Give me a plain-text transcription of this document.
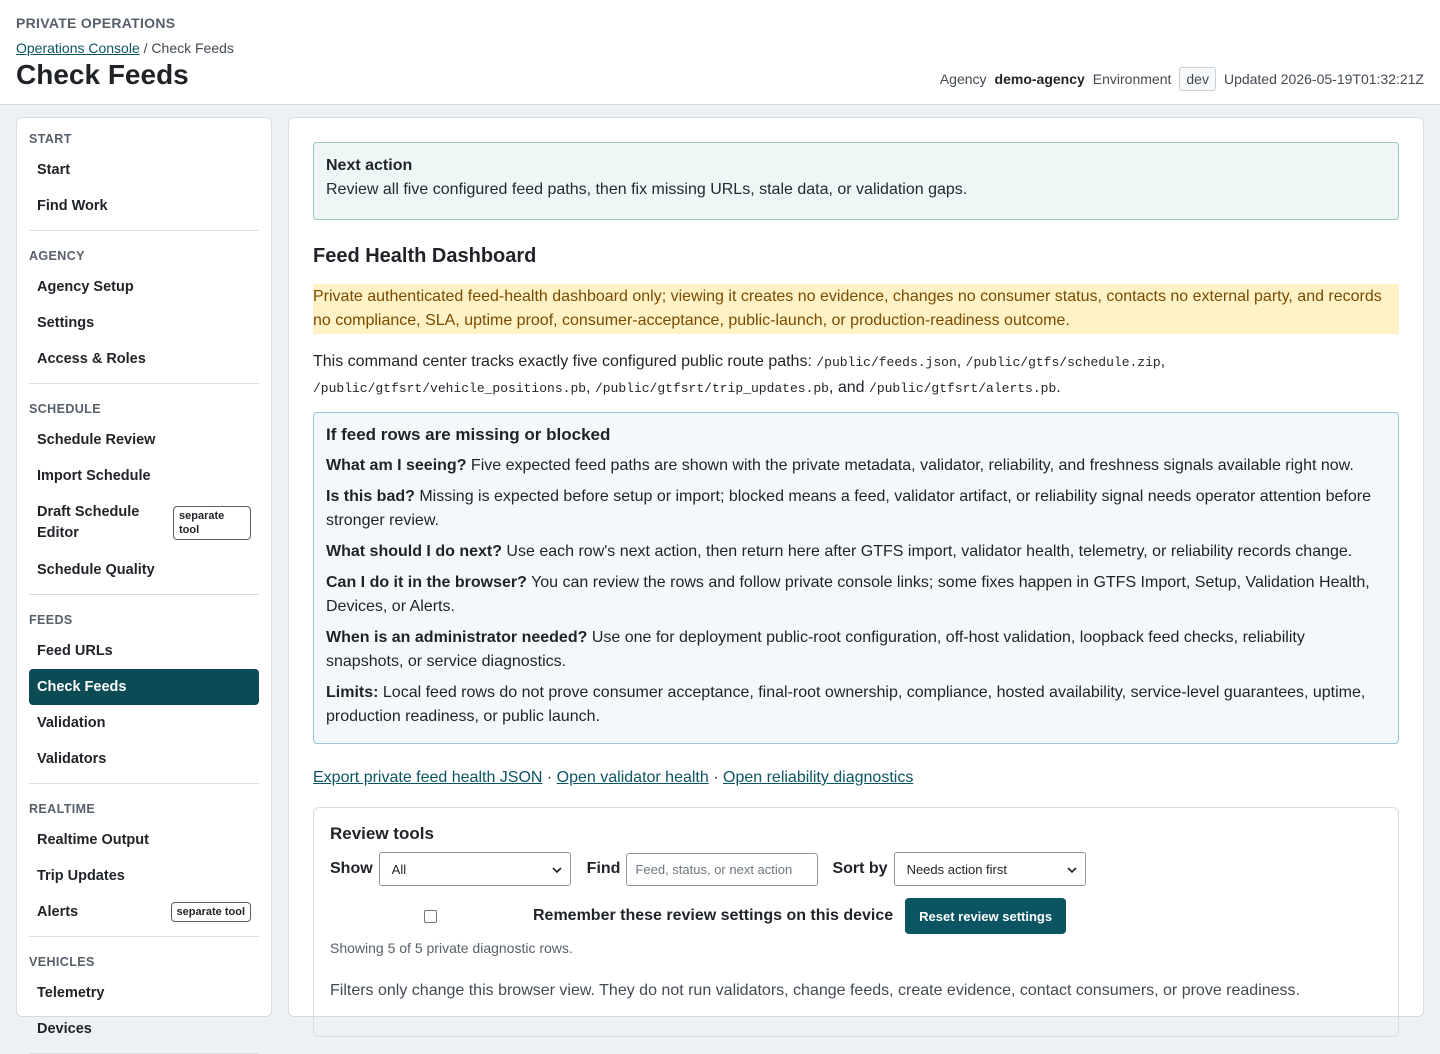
PRIVATE OPERATIONS
Operations Console / Check Feeds
Check Feeds	Agency demo-agency Environment	dev	Updated 2026-05-19T01:32:21Z
START
Start
Find Work
AGENCY
Agency Setup
Settings
Access & Roles
SCHEDULE
Schedule Review
Import Schedule
Draft Schedule Editor
separate tool
Schedule Quality
FEEDS
Feed URLs
Check Feeds
Validation
Validators
REALTIME
Realtime Output
Trip Updates
Alerts	separate tool
VEHICLES
Telemetry
Devices
Next action

Review all five configured feed paths, then fix missing URLs, stale data, or validation gaps.

Feed Health Dashboard
Private authenticated feed-health dashboard only; viewing it creates no evidence, changes no consumer status, contacts no external party, and records no compliance, SLA, uptime proof, consumer-acceptance, public-launch, or production-readiness outcome.
This command center tracks exactly five configured public route paths: /public/feeds.json, /public/gtfs/schedule.zip,
/public/gtfsrt/vehicle_positions.pb, /public/gtfsrt/trip_updates.pb, and /public/gtfsrt/alerts.pb.
If feed rows are missing or blocked

What am I seeing? Five expected feed paths are shown with the private metadata, validator, reliability, and freshness signals available right now.

Is this bad? Missing is expected before setup or import; blocked means a feed, validator artifact, or reliability signal needs operator attention before stronger review.

What should I do next? Use each row's next action, then return here after GTFS import, validator health, telemetry, or reliability records change.

Can I do it in the browser? You can review the rows and follow private console links; some fixes happen in GTFS Import, Setup, Validation Health, Devices, or Alerts.

When is an administrator needed? Use one for deployment public-root configuration, off-host validation, loopback feed checks, reliability snapshots, or service diagnostics.

Limits: Local feed rows do not prove consumer acceptance, final-root ownership, compliance, hosted availability, service-level guarantees, uptime, production readiness, or public launch.

Export private feed health JSON · Open validator health · Open reliability diagnostics
Review tools
Show All	Find	Feed, status, or next action	Sort by Needs action first
Remember these review settings on this device	Reset review settings
Showing 5 of 5 private diagnostic rows.
Filters only change this browser view. They do not run validators, change feeds, create evidence, contact consumers, or prove readiness.
